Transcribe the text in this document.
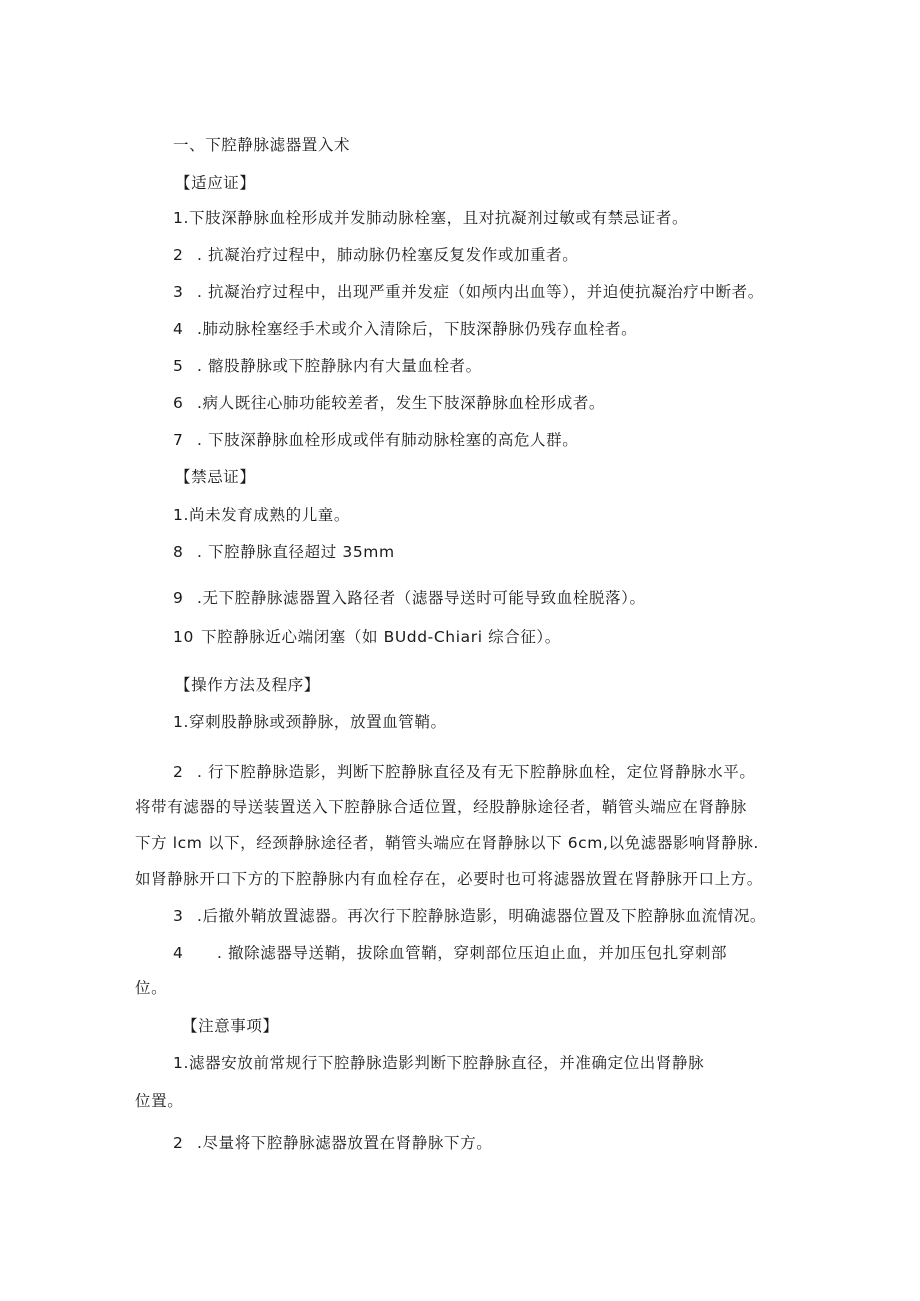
一、下腔静脉滤器置入术
【适应证】
1.下肢深静脉血栓形成并发肺动脉栓塞，且对抗凝剂过敏或有禁忌证者。
2 . 抗凝治疗过程中，肺动脉仍栓塞反复发作或加重者。
3 . 抗凝治疗过程中，出现严重并发症（如颅内出血等），并迫使抗凝治疗中断者。
4 .肺动脉栓塞经手术或介入清除后，下肢深静脉仍残存血栓者。
5 . 髂股静脉或下腔静脉内有大量血栓者。
6 .病人既往心肺功能较差者，发生下肢深静脉血栓形成者。
7 . 下肢深静脉血栓形成或伴有肺动脉栓塞的高危人群。
【禁忌证】
1.尚未发育成熟的儿童。
8 . 下腔静脉直径超过 35mm
9 .无下腔静脉滤器置入路径者（滤器导送时可能导致血栓脱落）。
10 下腔静脉近心端闭塞（如 BUdd-Chiari 综合征）。
【操作方法及程序】
1.穿刺股静脉或颈静脉，放置血管鞘。
2 . 行下腔静脉造影，判断下腔静脉直径及有无下腔静脉血栓，定位肾静脉水平。
将带有滤器的导送装置送入下腔静脉合适位置，经股静脉途径者，鞘管头端应在肾静脉
下方 lcm 以下，经颈静脉途径者，鞘管头端应在肾静脉以下 6cm,以免滤器影响肾静脉.
如肾静脉开口下方的下腔静脉内有血栓存在，必要时也可将滤器放置在肾静脉开口上方。
3 .后撤外鞘放置滤器。再次行下腔静脉造影，明确滤器位置及下腔静脉血流情况。
4 . 撤除滤器导送鞘，拔除血管鞘，穿刺部位压迫止血，并加压包扎穿刺部
位。
【注意事项】
1.滤器安放前常规行下腔静脉造影判断下腔静脉直径，并准确定位出肾静脉
位置。
2 .尽量将下腔静脉滤器放置在肾静脉下方。
